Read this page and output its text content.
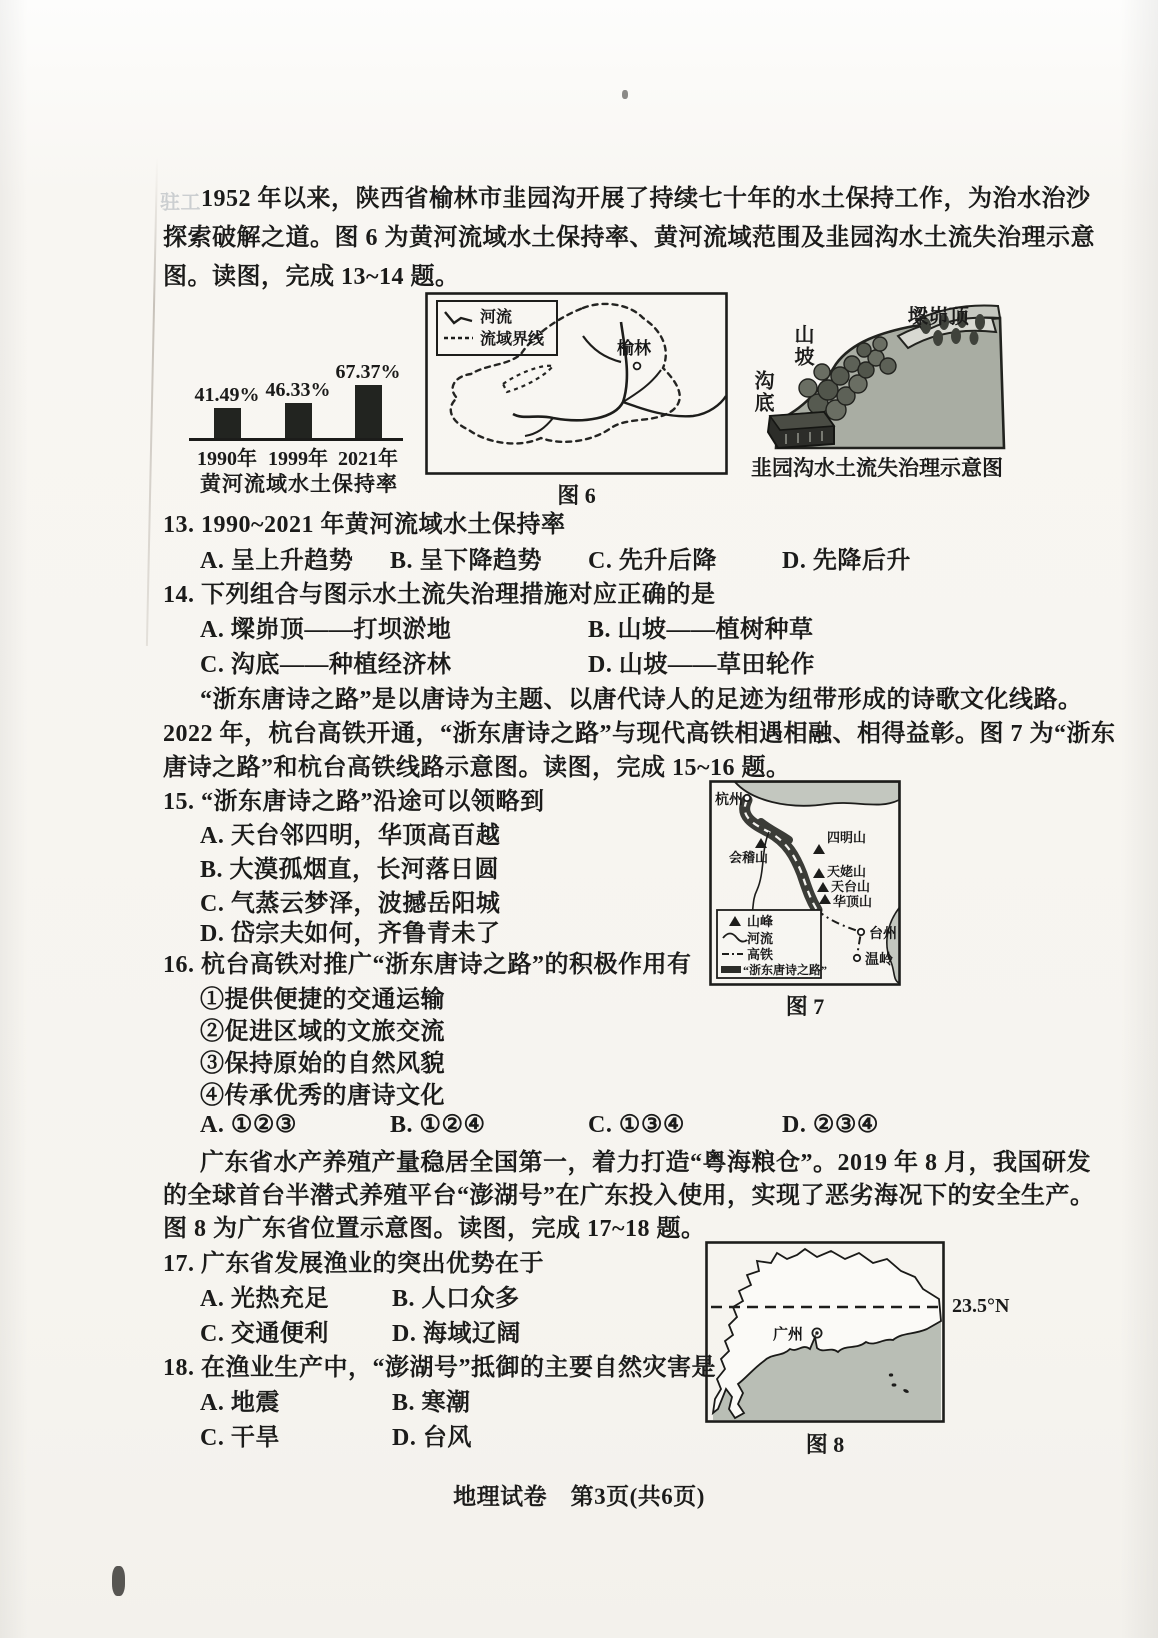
驻工 1952 年以来，陕西省榆林市韭园沟开展了持续七十年的水土保持工作，为治水治沙
探索破解之道。图 6 为黄河流域水土保持率、黄河流域范围及韭园沟水土流失治理示意
图。读图，完成 13~14 题。
41.49% 46.33%
67.37%
1990年 1999年 2021年
黄河流域水土保持率
河流
流域界线	榆林
图 6
墚峁顶
山坡
沟底
韭园沟水土流失治理示意图
13. 1990~2021 年黄河流域水土保持率
A. 呈上升趋势 B. 呈下降趋势 C. 先升后降	D. 先降后升
14. 下列组合与图示水土流失治理措施对应正确的是
A. 墚峁顶——打坝淤地	B. 山坡——植树种草
C. 沟底——种植经济林	D. 山坡——草田轮作
“浙东唐诗之路”是以唐诗为主题、以唐代诗人的足迹为纽带形成的诗歌文化线路。
2022 年，杭台高铁开通，“浙东唐诗之路”与现代高铁相遇相融、相得益彰。图 7 为“浙东
唐诗之路”和杭台高铁线路示意图。读图，完成 15~16 题。
15. “浙东唐诗之路”沿途可以领略到
A. 天台邻四明，华顶高百越
B. 大漠孤烟直，长河落日圆
C. 气蒸云梦泽，波撼岳阳城
D. 岱宗夫如何，齐鲁青未了
杭州
台州
温岭
会稽山
四明山
天姥山
天台山
华顶山
山峰
河流
高铁
“浙东唐诗之路”
图 7
16. 杭台高铁对推广“浙东唐诗之路”的积极作用有
①提供便捷的交通运输
②促进区域的文旅交流
③保持原始的自然风貌
④传承优秀的唐诗文化
A. ①②③	B. ①②④	C. ①③④	D. ②③④
广东省水产养殖产量稳居全国第一，着力打造“粤海粮仓”。2019 年 8 月，我国研发
的全球首台半潜式养殖平台“澎湖号”在广东投入使用，实现了恶劣海况下的安全生产。
图 8 为广东省位置示意图。读图，完成 17~18 题。
17. 广东省发展渔业的突出优势在于
A. 光热充足	B. 人口众多
C. 交通便利	D. 海域辽阔
18. 在渔业生产中，“澎湖号”抵御的主要自然灾害是
A. 地震	B. 寒潮
C. 干旱	D. 台风
广州
23.5°N
图 8
地理试卷　第3页(共6页)
